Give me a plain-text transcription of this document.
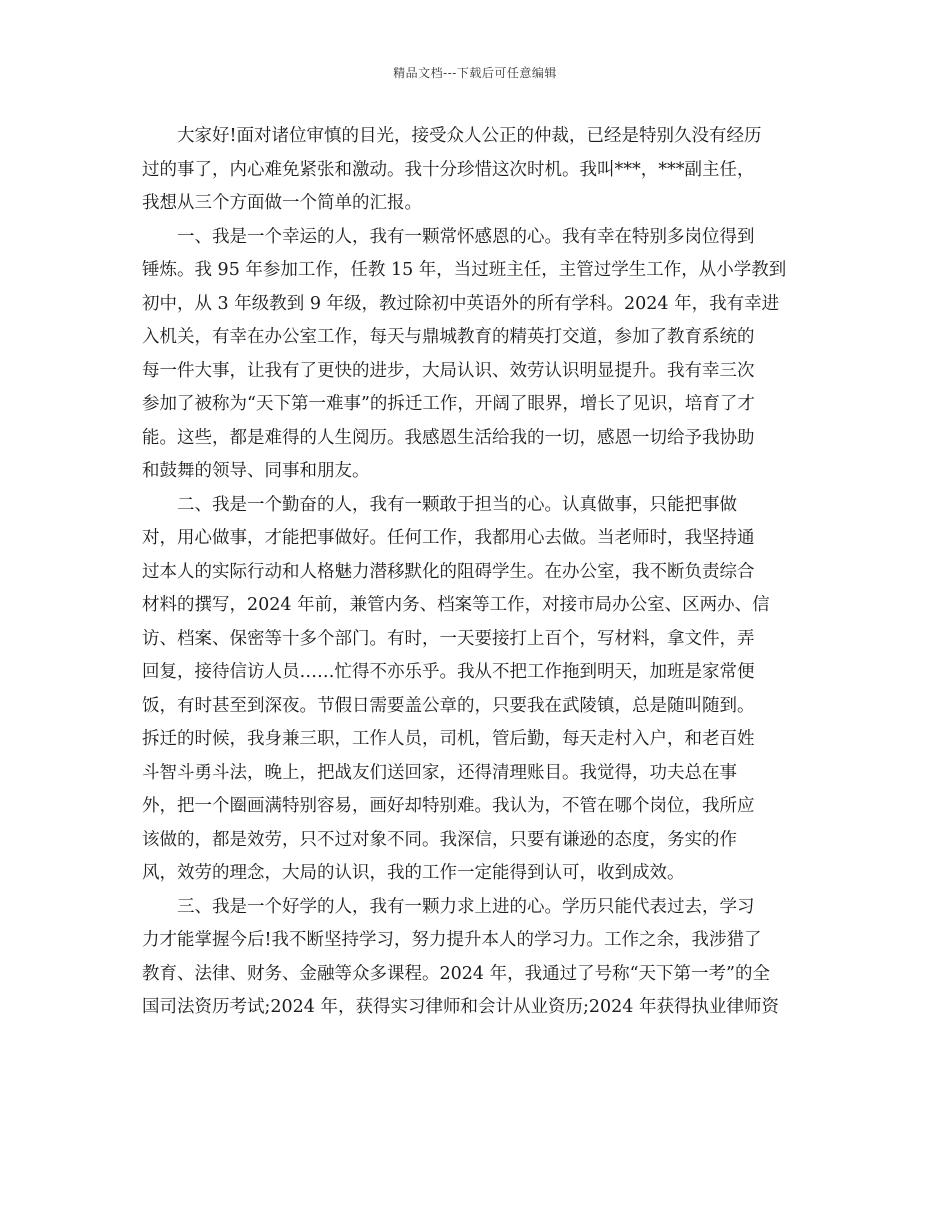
精品文档---下载后可任意编辑
大家好!面对诸位审慎的目光，接受众人公正的仲裁，已经是特别久没有经历
过的事了，内心难免紧张和激动。我十分珍惜这次时机。我叫***，***副主任，
我想从三个方面做一个简单的汇报。
一、我是一个幸运的人，我有一颗常怀感恩的心。我有幸在特别多岗位得到
锤炼。我 95 年参加工作，任教 15 年，当过班主任，主管过学生工作，从小学教到
初中，从 3 年级教到 9 年级，教过除初中英语外的所有学科。2024 年，我有幸进
入机关，有幸在办公室工作，每天与鼎城教育的精英打交道，参加了教育系统的
每一件大事，让我有了更快的进步，大局认识、效劳认识明显提升。我有幸三次
参加了被称为“天下第一难事”的拆迁工作，开阔了眼界，增长了见识，培育了才
能。这些，都是难得的人生阅历。我感恩生活给我的一切，感恩一切给予我协助
和鼓舞的领导、同事和朋友。
二、我是一个勤奋的人，我有一颗敢于担当的心。认真做事，只能把事做
对，用心做事，才能把事做好。任何工作，我都用心去做。当老师时，我坚持通
过本人的实际行动和人格魅力潜移默化的阻碍学生。在办公室，我不断负责综合
材料的撰写，2024 年前，兼管内务、档案等工作，对接市局办公室、区两办、信
访、档案、保密等十多个部门。有时，一天要接打上百个，写材料，拿文件，弄
回复，接待信访人员……忙得不亦乐乎。我从不把工作拖到明天，加班是家常便
饭，有时甚至到深夜。节假日需要盖公章的，只要我在武陵镇，总是随叫随到。
拆迁的时候，我身兼三职，工作人员，司机，管后勤，每天走村入户，和老百姓
斗智斗勇斗法，晚上，把战友们送回家，还得清理账目。我觉得，功夫总在事
外，把一个圈画满特别容易，画好却特别难。我认为，不管在哪个岗位，我所应
该做的，都是效劳，只不过对象不同。我深信，只要有谦逊的态度，务实的作
风，效劳的理念，大局的认识，我的工作一定能得到认可，收到成效。
三、我是一个好学的人，我有一颗力求上进的心。学历只能代表过去，学习
力才能掌握今后!我不断坚持学习，努力提升本人的学习力。工作之余，我涉猎了
教育、法律、财务、金融等众多课程。2024 年，我通过了号称“天下第一考”的全
国司法资历考试;2024 年，获得实习律师和会计从业资历;2024 年获得执业律师资
